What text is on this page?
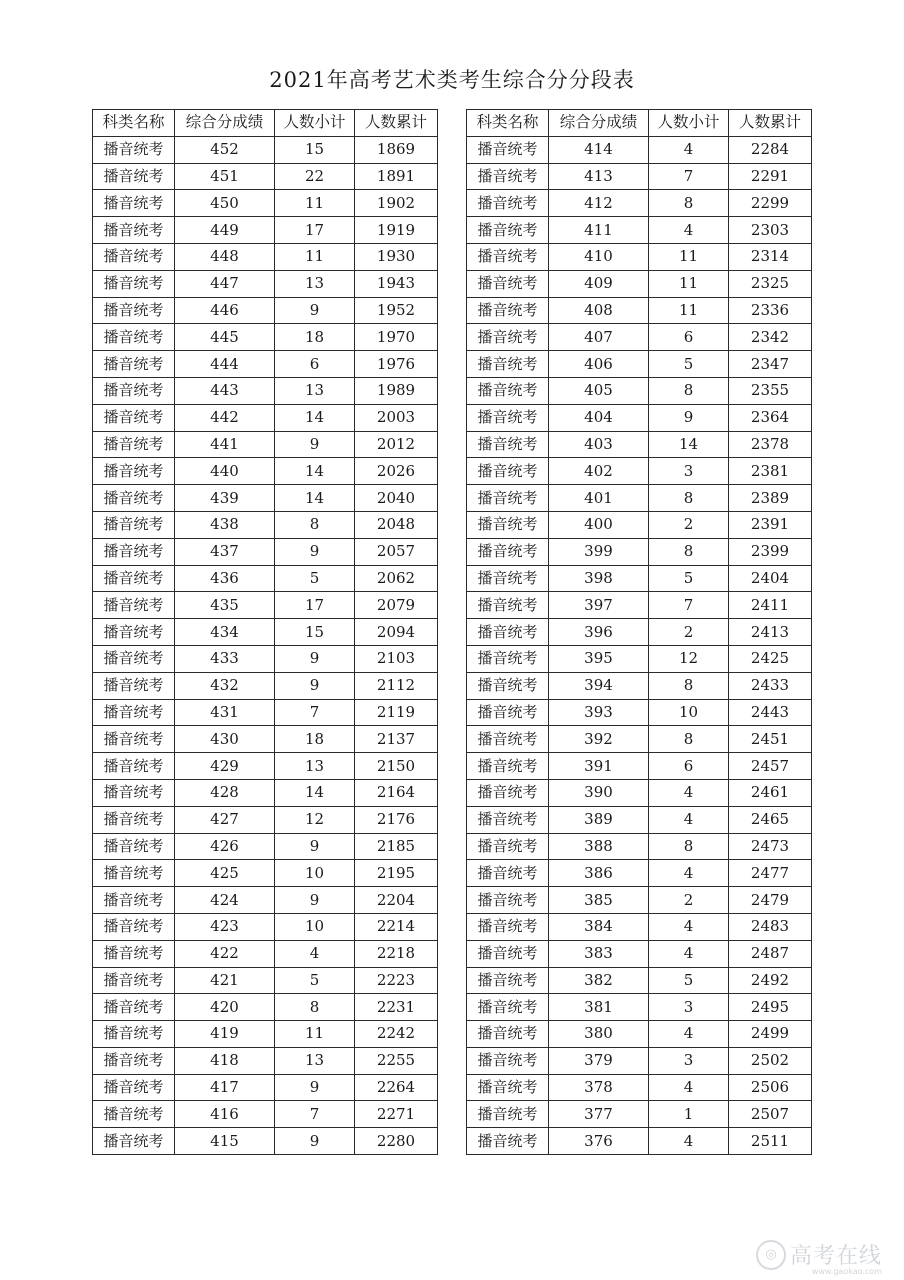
2021年高考艺术类考生综合分分段表
科类名称	综合分成绩	人数小计	人数累计
播音统考	452	15	1869
播音统考	451	22	1891
播音统考	450	11	1902
播音统考	449	17	1919
播音统考	448	11	1930
播音统考	447	13	1943
播音统考	446	9	1952
播音统考	445	18	1970
播音统考	444	6	1976
播音统考	443	13	1989
播音统考	442	14	2003
播音统考	441	9	2012
播音统考	440	14	2026
播音统考	439	14	2040
播音统考	438	8	2048
播音统考	437	9	2057
播音统考	436	5	2062
播音统考	435	17	2079
播音统考	434	15	2094
播音统考	433	9	2103
播音统考	432	9	2112
播音统考	431	7	2119
播音统考	430	18	2137
播音统考	429	13	2150
播音统考	428	14	2164
播音统考	427	12	2176
播音统考	426	9	2185
播音统考	425	10	2195
播音统考	424	9	2204
播音统考	423	10	2214
播音统考	422	4	2218
播音统考	421	5	2223
播音统考	420	8	2231
播音统考	419	11	2242
播音统考	418	13	2255
播音统考	417	9	2264
播音统考	416	7	2271
播音统考	415	9	2280
科类名称	综合分成绩	人数小计	人数累计
播音统考	414	4	2284
播音统考	413	7	2291
播音统考	412	8	2299
播音统考	411	4	2303
播音统考	410	11	2314
播音统考	409	11	2325
播音统考	408	11	2336
播音统考	407	6	2342
播音统考	406	5	2347
播音统考	405	8	2355
播音统考	404	9	2364
播音统考	403	14	2378
播音统考	402	3	2381
播音统考	401	8	2389
播音统考	400	2	2391
播音统考	399	8	2399
播音统考	398	5	2404
播音统考	397	7	2411
播音统考	396	2	2413
播音统考	395	12	2425
播音统考	394	8	2433
播音统考	393	10	2443
播音统考	392	8	2451
播音统考	391	6	2457
播音统考	390	4	2461
播音统考	389	4	2465
播音统考	388	8	2473
播音统考	386	4	2477
播音统考	385	2	2479
播音统考	384	4	2483
播音统考	383	4	2487
播音统考	382	5	2492
播音统考	381	3	2495
播音统考	380	4	2499
播音统考	379	3	2502
播音统考	378	4	2506
播音统考	377	1	2507
播音统考	376	4	2511
◎ 高考在线
www.gaokao.com
